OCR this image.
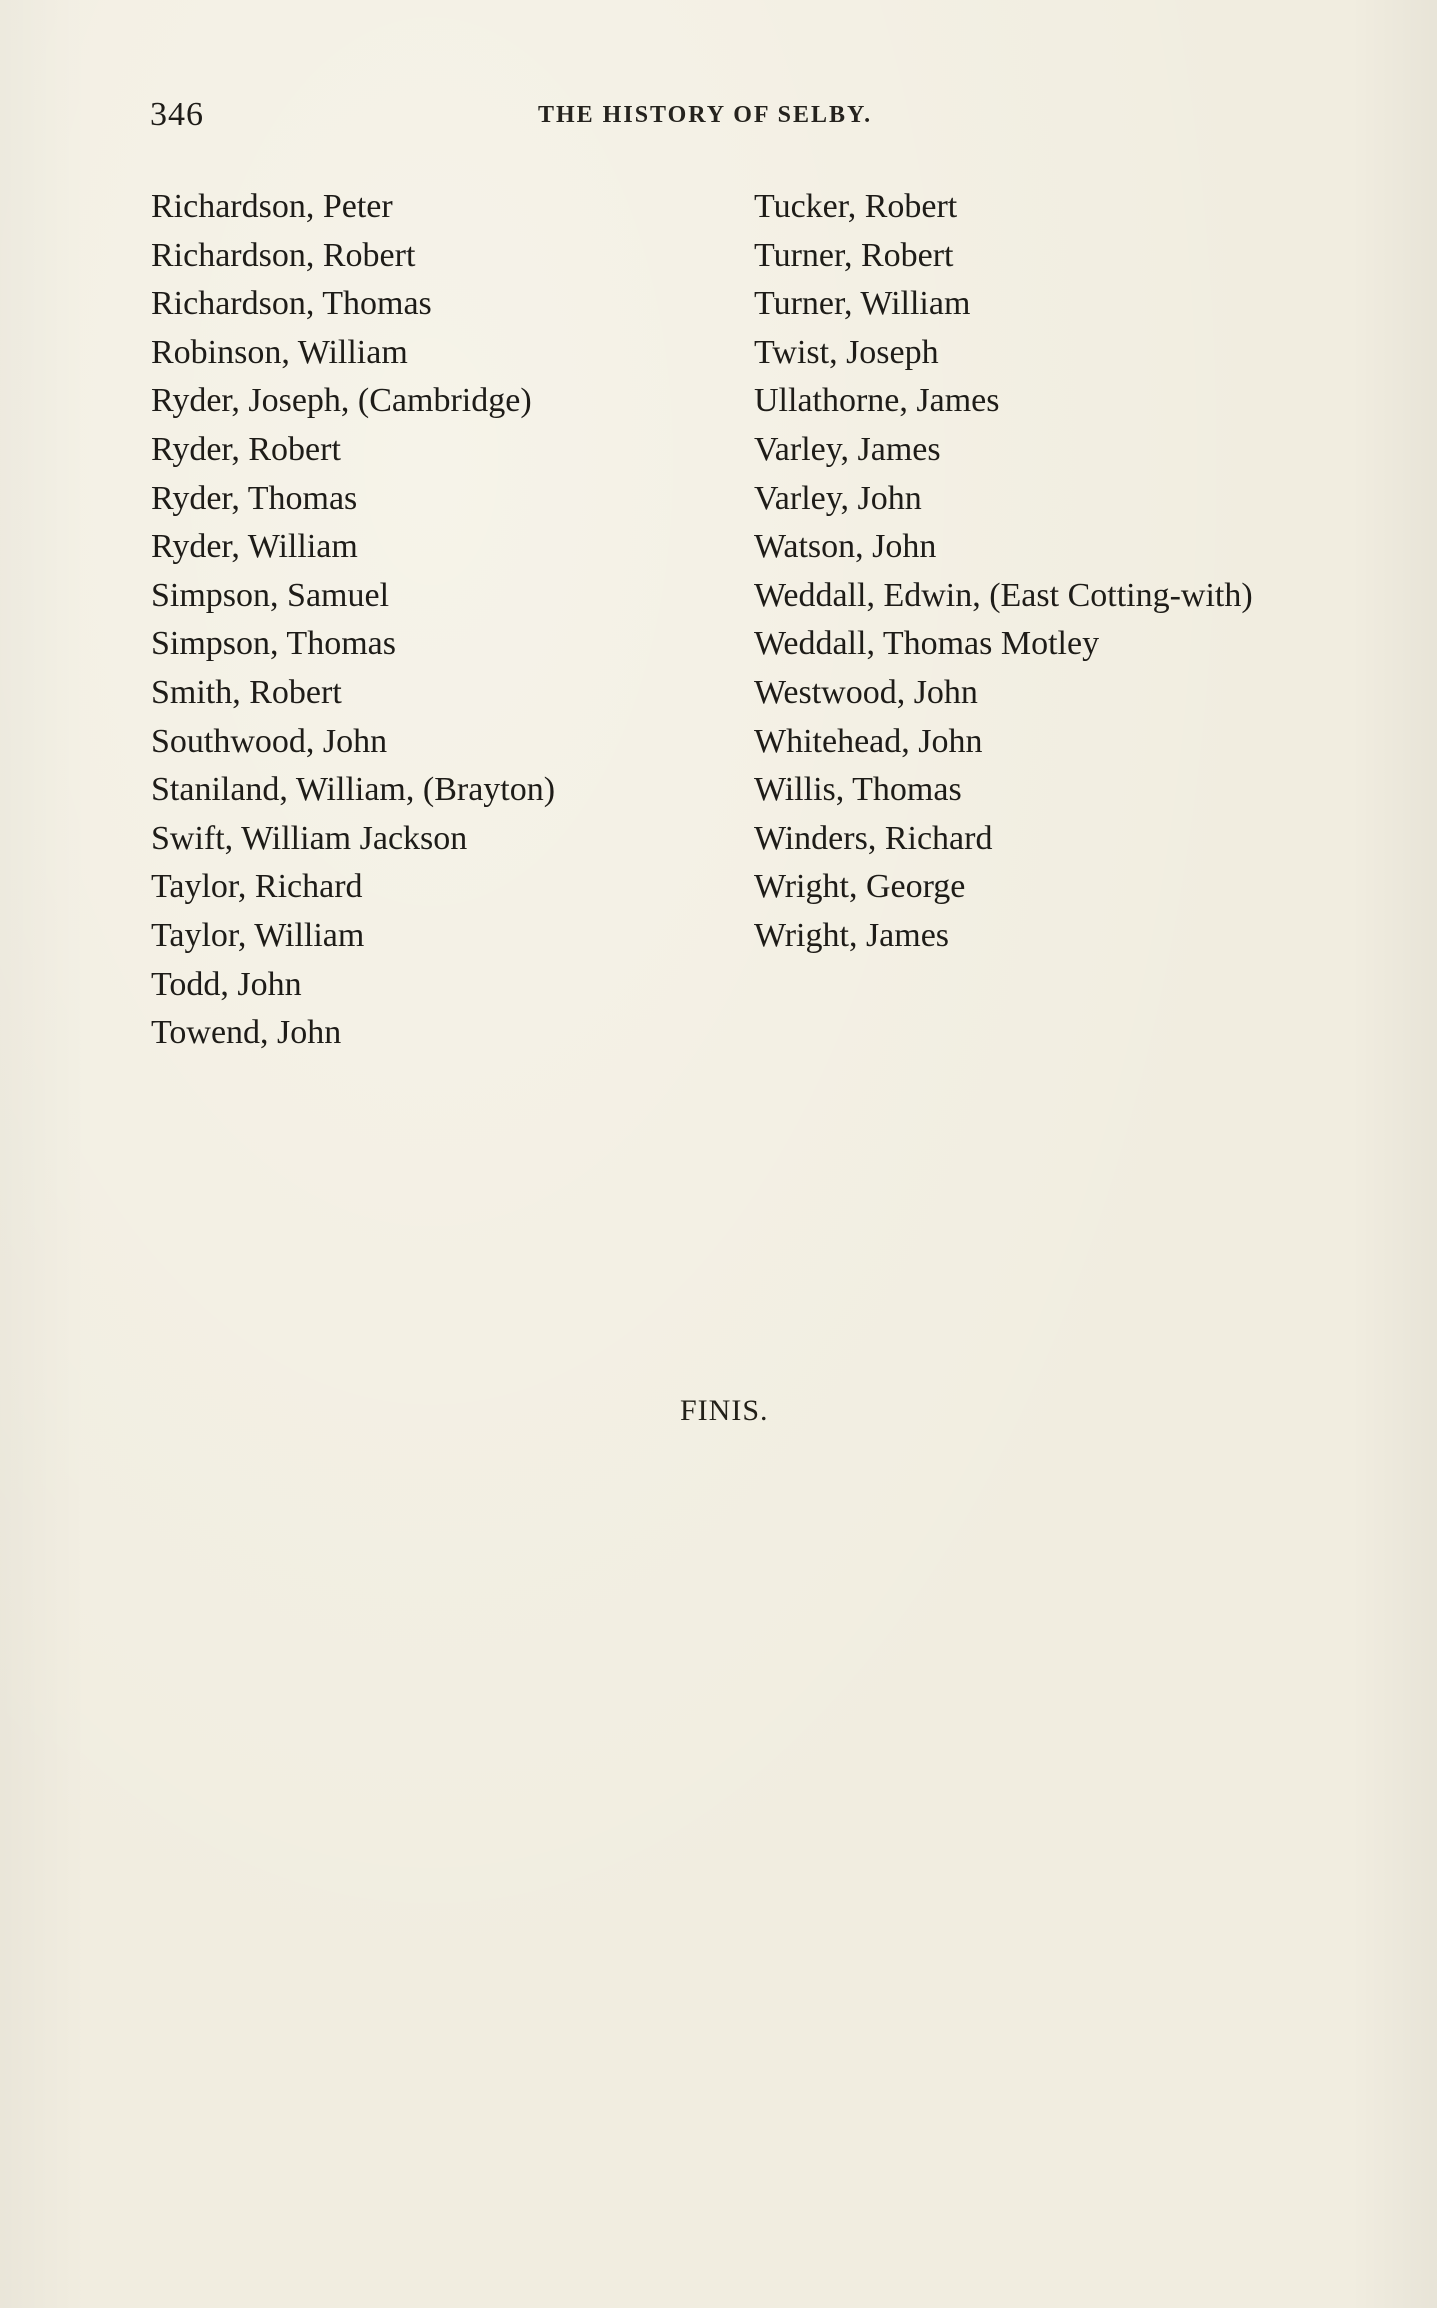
346	THE HISTORY OF SELBY.
Richardson, Peter
Richardson, Robert
Richardson, Thomas
Robinson, William
Ryder, Joseph, (Cambridge)
Ryder, Robert
Ryder, Thomas
Ryder, William
Simpson, Samuel
Simpson, Thomas
Smith, Robert
Southwood, John
Staniland, William, (Brayton)
Swift, William Jackson
Taylor, Richard
Taylor, William
Todd, John
Towend, John
Tucker, Robert
Turner, Robert
Turner, William
Twist, Joseph
Ullathorne, James
Varley, James
Varley, John
Watson, John
Weddall, Edwin, (East Cotting-with)
Weddall, Thomas Motley
Westwood, John
Whitehead, John
Willis, Thomas
Winders, Richard
Wright, George
Wright, James
FINIS.
